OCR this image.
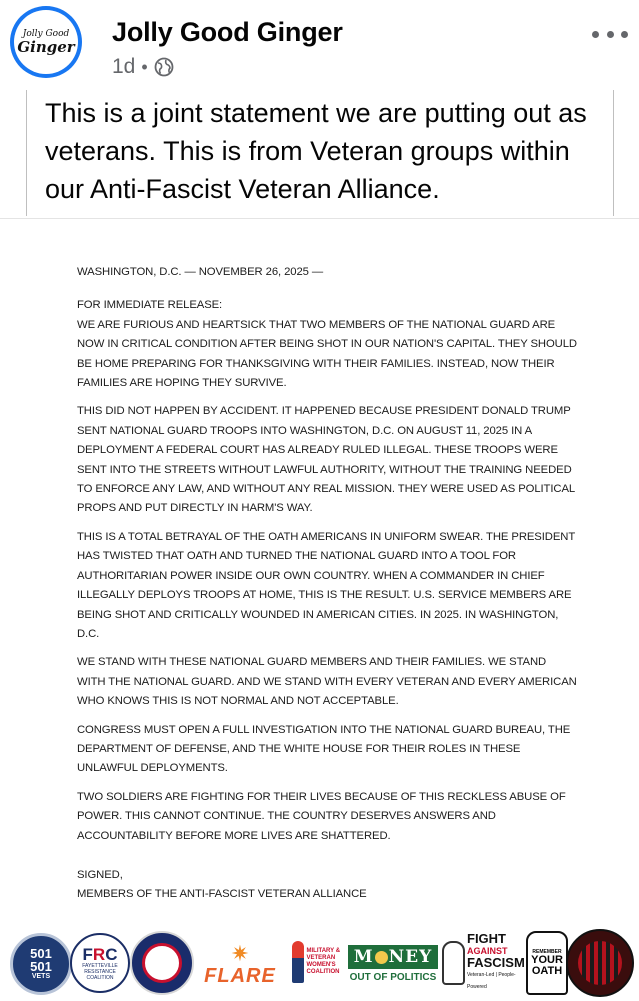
Jolly Good
Ginger Jolly Good Ginger
1d •
This is a joint statement we are putting out as veterans. This is from Veteran groups within our Anti-Fascist Veteran Alliance.

WASHINGTON, D.C. — NOVEMBER 26, 2025 —

FOR IMMEDIATE RELEASE:
WE ARE FURIOUS AND HEARTSICK THAT TWO MEMBERS OF THE NATIONAL GUARD ARE NOW IN CRITICAL CONDITION AFTER BEING SHOT IN OUR NATION'S CAPITAL. THEY SHOULD BE HOME PREPARING FOR THANKSGIVING WITH THEIR FAMILIES. INSTEAD, NOW THEIR FAMILIES ARE HOPING THEY SURVIVE.

THIS DID NOT HAPPEN BY ACCIDENT. IT HAPPENED BECAUSE PRESIDENT DONALD TRUMP SENT NATIONAL GUARD TROOPS INTO WASHINGTON, D.C. ON AUGUST 11, 2025 IN A DEPLOYMENT A FEDERAL COURT HAS ALREADY RULED ILLEGAL. THESE TROOPS WERE SENT INTO THE STREETS WITHOUT LAWFUL AUTHORITY, WITHOUT THE TRAINING NEEDED TO ENFORCE ANY LAW, AND WITHOUT ANY REAL MISSION. THEY WERE USED AS POLITICAL PROPS AND PUT DIRECTLY IN HARM'S WAY.

THIS IS A TOTAL BETRAYAL OF THE OATH AMERICANS IN UNIFORM SWEAR. THE PRESIDENT HAS TWISTED THAT OATH AND TURNED THE NATIONAL GUARD INTO A TOOL FOR AUTHORITARIAN POWER INSIDE OUR OWN COUNTRY. WHEN A COMMANDER IN CHIEF ILLEGALLY DEPLOYS TROOPS AT HOME, THIS IS THE RESULT. U.S. SERVICE MEMBERS ARE BEING SHOT AND CRITICALLY WOUNDED IN AMERICAN CITIES. IN 2025. IN WASHINGTON, D.C.

WE STAND WITH THESE NATIONAL GUARD MEMBERS AND THEIR FAMILIES. WE STAND WITH THE NATIONAL GUARD. AND WE STAND WITH EVERY VETERAN AND EVERY AMERICAN WHO KNOWS THIS IS NOT NORMAL AND NOT ACCEPTABLE.

CONGRESS MUST OPEN A FULL INVESTIGATION INTO THE NATIONAL GUARD BUREAU, THE DEPARTMENT OF DEFENSE, AND THE WHITE HOUSE FOR THEIR ROLES IN THESE UNLAWFUL DEPLOYMENTS.

TWO SOLDIERS ARE FIGHTING FOR THEIR LIVES BECAUSE OF THIS RECKLESS ABUSE OF POWER. THIS CANNOT CONTINUE. THE COUNTRY DESERVES ANSWERS AND ACCOUNTABILITY BEFORE MORE LIVES ARE SHATTERED.

SIGNED,

MEMBERS OF THE ANTI-FASCIST VETERAN ALLIANCE

501
501
VETS
FRC
FAYETTEVILLE RESISTANCE COALITION
✷
FLARE
MILITARY & VETERAN WOMEN'S COALITION
M NEY
OUT OF POLITICS
FIGHT
AGAINST
FASCISM
Veteran-Led | People-Powered
REMEMBER
YOUR
OATH
